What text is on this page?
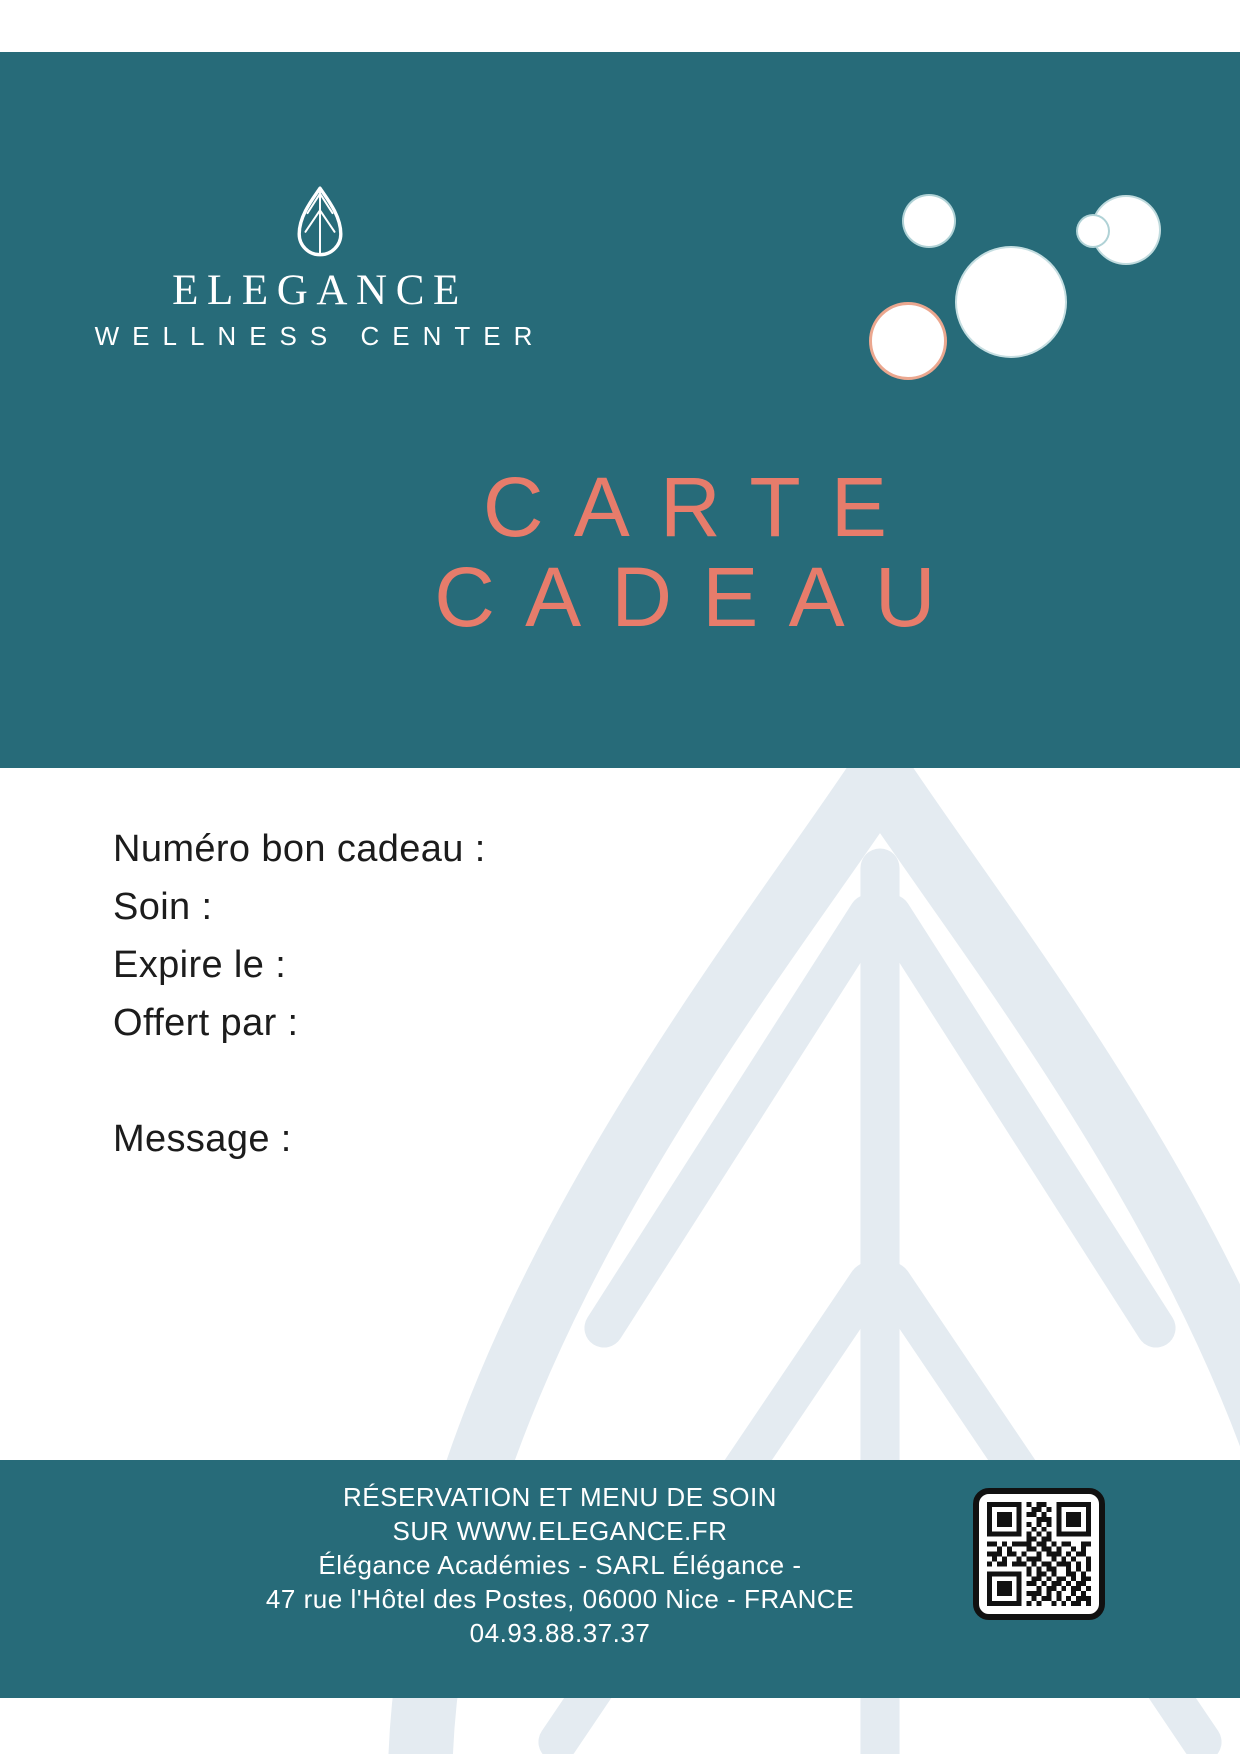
ELEGANCE
WELLNESS CENTER
CARTE
CADEAU
Numéro bon cadeau :
Soin :
Expire le :
Offert par :
Message :
RÉSERVATION ET MENU DE SOIN
SUR WWW.ELEGANCE.FR
Élégance Académies - SARL Élégance -
47 rue l'Hôtel des Postes, 06000 Nice - FRANCE
04.93.88.37.37
